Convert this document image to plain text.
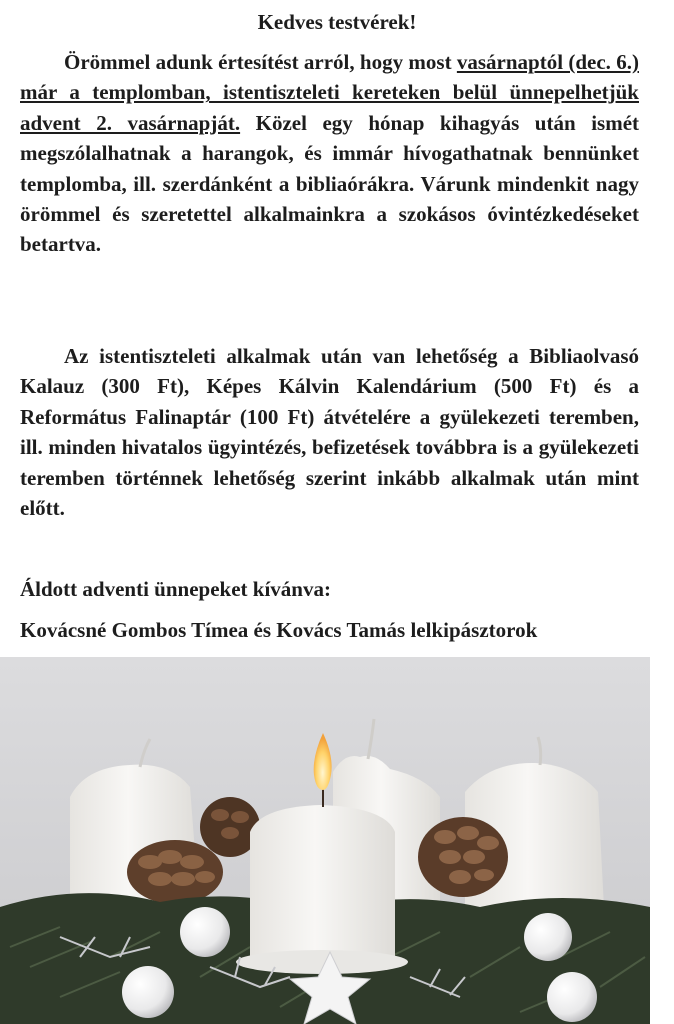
Kedves testvérek!

Örömmel adunk értesítést arról, hogy most vasárnaptól (dec. 6.) már a templomban, istentiszteleti kereteken belül ünnepelhetjük advent 2. vasárnapját. Közel egy hónap kihagyás után ismét megszólalhatnak a harangok, és immár hívogathatnak bennünket templomba, ill. szerdánként a bibliaórákra. Várunk mindenkit nagy örömmel és szeretettel alkalmainkra a szokásos óvintézkedéseket betartva.

Az istentiszteleti alkalmak után van lehetőség a Bibliaolvasó Kalauz (300 Ft), Képes Kálvin Kalendárium (500 Ft) és a Református Falinaptár (100 Ft) átvételére a gyülekezeti teremben, ill. minden hivatalos ügyintézés, befizetések továbbra is a gyülekezeti teremben történnek lehetőség szerint inkább alkalmak után mint előtt.

Áldott adventi ünnepeket kívánva:

Kovácsné Gombos Tímea és Kovács Tamás lelkipásztorok
